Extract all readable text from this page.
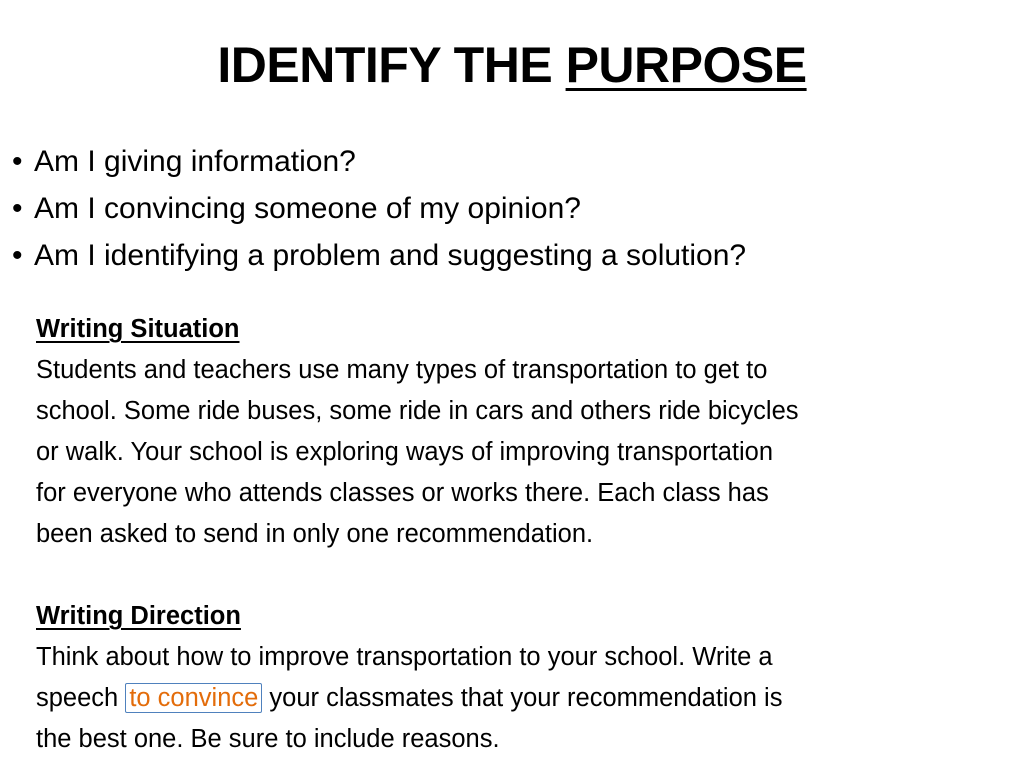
IDENTIFY THE PURPOSE
• Am I giving information?
• Am I convincing someone of my opinion?
• Am I identifying a problem and suggesting a solution?
Writing Situation
Students and teachers use many types of transportation to get to
school. Some ride buses, some ride in cars and others ride bicycles
or walk. Your school is exploring ways of improving transportation
for everyone who attends classes or works there. Each class has
been asked to send in only one recommendation.
Writing Direction
Think about how to improve transportation to your school. Write a
speech to convince your classmates that your recommendation is
the best one. Be sure to include reasons.
